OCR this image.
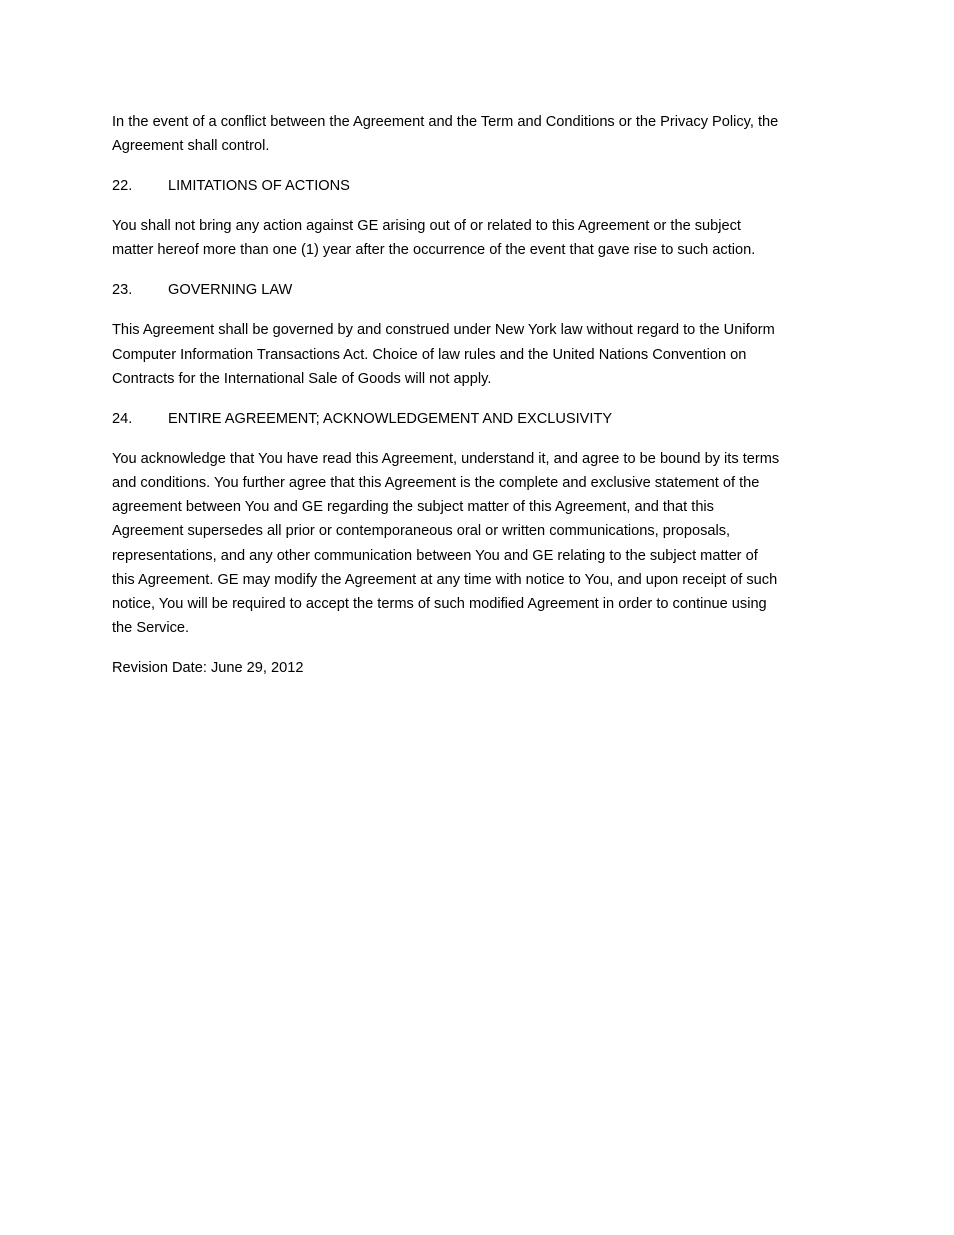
In the event of a conflict between the Agreement and the Term and Conditions or the Privacy Policy, the
Agreement shall control.

22.	LIMITATIONS OF ACTIONS

You shall not bring any action against GE arising out of or related to this Agreement or the subject
matter hereof more than one (1) year after the occurrence of the event that gave rise to such action.

23.	GOVERNING LAW

This Agreement shall be governed by and construed under New York law without regard to the Uniform
Computer Information Transactions Act. Choice of law rules and the United Nations Convention on
Contracts for the International Sale of Goods will not apply.

24.	ENTIRE AGREEMENT; ACKNOWLEDGEMENT AND EXCLUSIVITY

You acknowledge that You have read this Agreement, understand it, and agree to be bound by its terms
and conditions. You further agree that this Agreement is the complete and exclusive statement of the
agreement between You and GE regarding the subject matter of this Agreement, and that this
Agreement supersedes all prior or contemporaneous oral or written communications, proposals,
representations, and any other communication between You and GE relating to the subject matter of
this Agreement. GE may modify the Agreement at any time with notice to You, and upon receipt of such
notice, You will be required to accept the terms of such modified Agreement in order to continue using
the Service.

Revision Date: June 29, 2012
